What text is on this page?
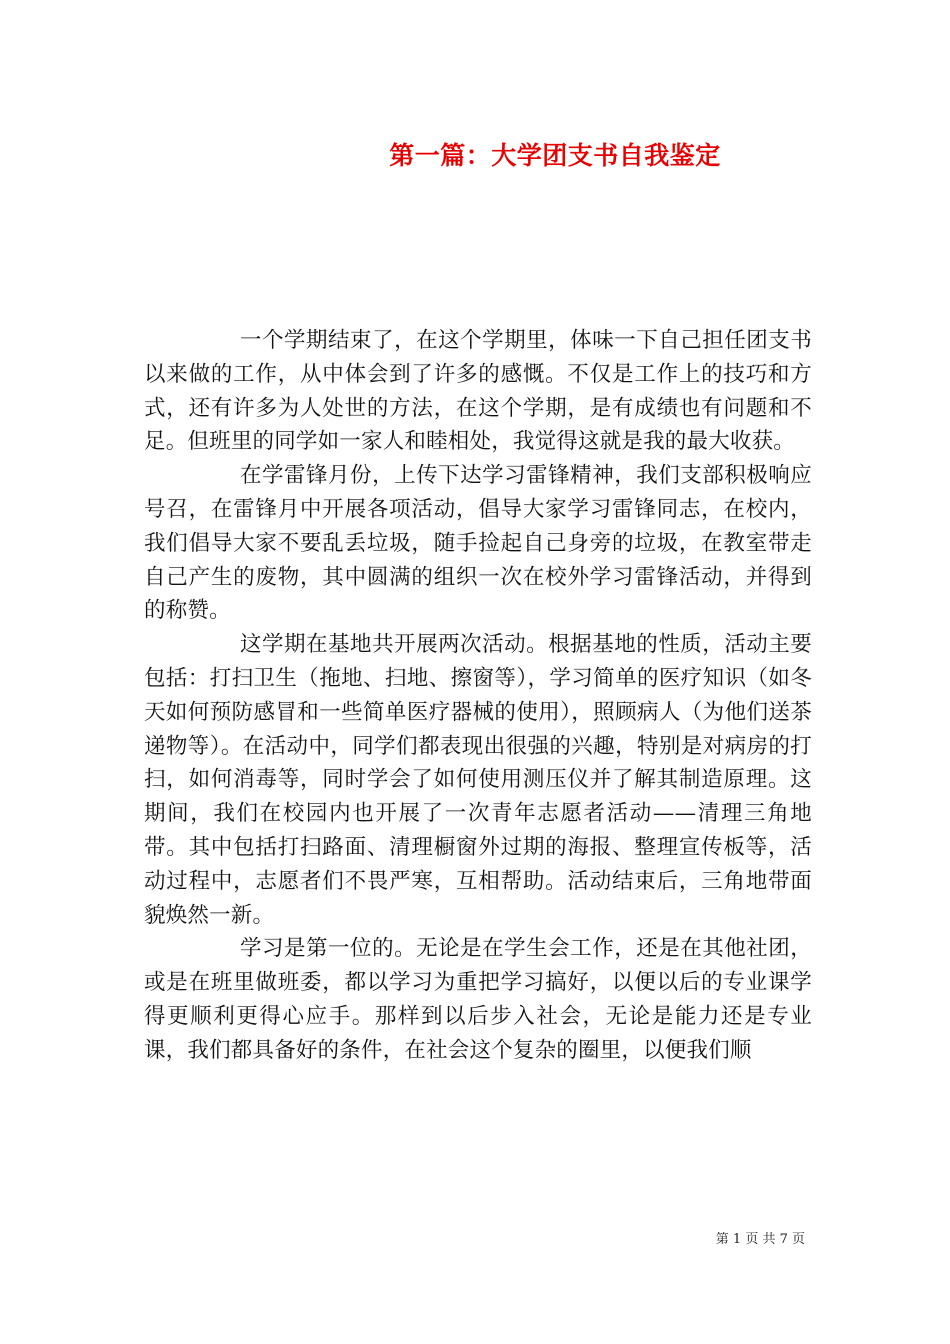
第一篇：大学团支书自我鉴定

一个学期结束了，在这个学期里，体味一下自己担任团支书以来做的工作，从中体会到了许多的感慨。不仅是工作上的技巧和方式，还有许多为人处世的方法，在这个学期，是有成绩也有问题和不足。但班里的同学如一家人和睦相处，我觉得这就是我的最大收获。

在学雷锋月份，上传下达学习雷锋精神，我们支部积极响应号召，在雷锋月中开展各项活动，倡导大家学习雷锋同志，在校内，我们倡导大家不要乱丢垃圾，随手捡起自己身旁的垃圾，在教室带走自己产生的废物，其中圆满的组织一次在校外学习雷锋活动，并得到的称赞。

这学期在基地共开展两次活动。根据基地的性质，活动主要包括：打扫卫生（拖地、扫地、擦窗等），学习简单的医疗知识（如冬天如何预防感冒和一些简单医疗器械的使用），照顾病人（为他们送茶递物等）。在活动中，同学们都表现出很强的兴趣，特别是对病房的打扫，如何消毒等，同时学会了如何使用测压仪并了解其制造原理。这期间，我们在校园内也开展了一次青年志愿者活动——清理三角地带。其中包括打扫路面、清理橱窗外过期的海报、整理宣传板等，活动过程中，志愿者们不畏严寒，互相帮助。活动结束后，三角地带面貌焕然一新。

学习是第一位的。无论是在学生会工作，还是在其他社团，或是在班里做班委，都以学习为重把学习搞好，以便以后的专业课学得更顺利更得心应手。那样到以后步入社会，无论是能力还是专业课，我们都具备好的条件，在社会这个复杂的圈里，以便我们顺

第 1 页 共 7 页
